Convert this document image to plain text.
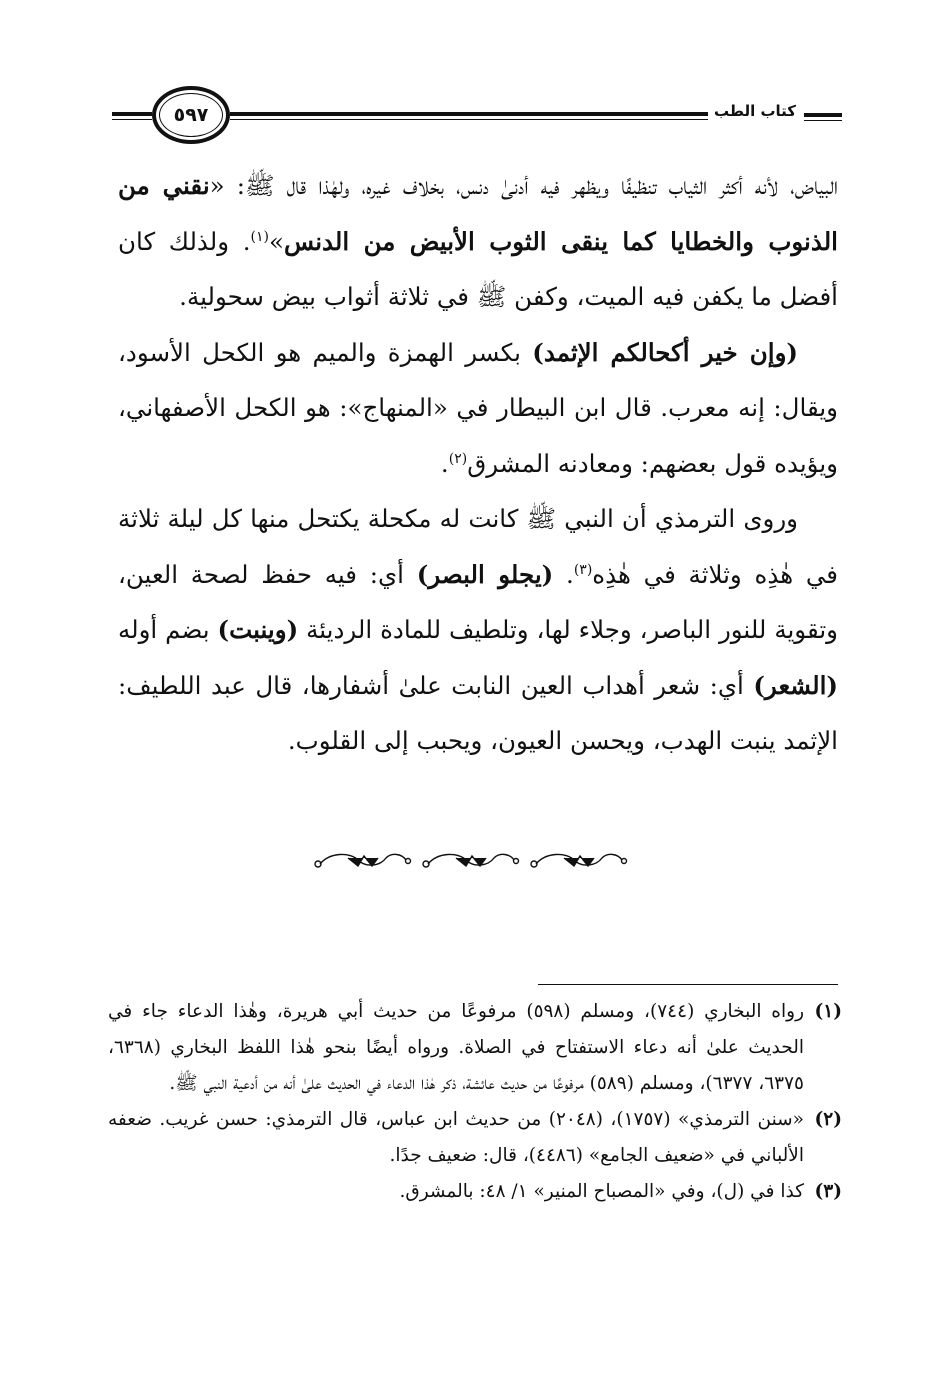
٥٩٧	كتاب الطب

البياض، لأنه أكثر الثياب تنظيفًا ويظهر فيه أدنىٰ دنس، بخلاف غيره، ولهٰذا قال ﷺ: «نقني من الذنوب والخطايا كما ينقى الثوب الأبيض من الدنس»$^{(١)}$. ولذلك كان أفضل ما يكفن فيه الميت، وكفن ﷺ في ثلاثة أثواب بيض سحولية.

(وإن خير أكحالكم الإثمد) بكسر الهمزة والميم هو الكحل الأسود، ويقال: إنه معرب. قال ابن البيطار في «المنهاج»: هو الكحل الأصفهاني، ويؤيده قول بعضهم: ومعادنه المشرق$^{(٢)}$.

وروى الترمذي أن النبي ﷺ كانت له مكحلة يكتحل منها كل ليلة ثلاثة في هٰذِه وثلاثة في هٰذِه$^{(٣)}$. (يجلو البصر) أي: فيه حفظ لصحة العين، وتقوية للنور الباصر، وجلاء لها، وتلطيف للمادة الرديئة (وينبت) بضم أوله (الشعر) أي: شعر أهداب العين النابت علىٰ أشفارها، قال عبد اللطيف: الإثمد ينبت الهدب، ويحسن العيون، ويحبب إلى القلوب.

(١)
رواه البخاري (٧٤٤)، ومسلم (٥٩٨) مرفوعًا من حديث أبي هريرة، وهٰذا الدعاء جاء في الحديث علىٰ أنه دعاء الاستفتاح في الصلاة. ورواه أيضًا بنحو هٰذا اللفظ البخاري (٦٣٦٨، ٦٣٧٥، ٦٣٧٧)، ومسلم (٥٨٩) مرفوعًا من حديث عائشة، ذكر هٰذا الدعاء في الحديث علىٰ أنه من أدعية النبي ﷺ.
(٢)
«سنن الترمذي» (١٧٥٧)، (٢٠٤٨) من حديث ابن عباس، قال الترمذي: حسن غريب. ضعفه الألباني في «ضعيف الجامع» (٤٤٨٦)، قال: ضعيف جدًا.
(٣)
كذا في (ل)، وفي «المصباح المنير» ١/ ٤٨: بالمشرق.
